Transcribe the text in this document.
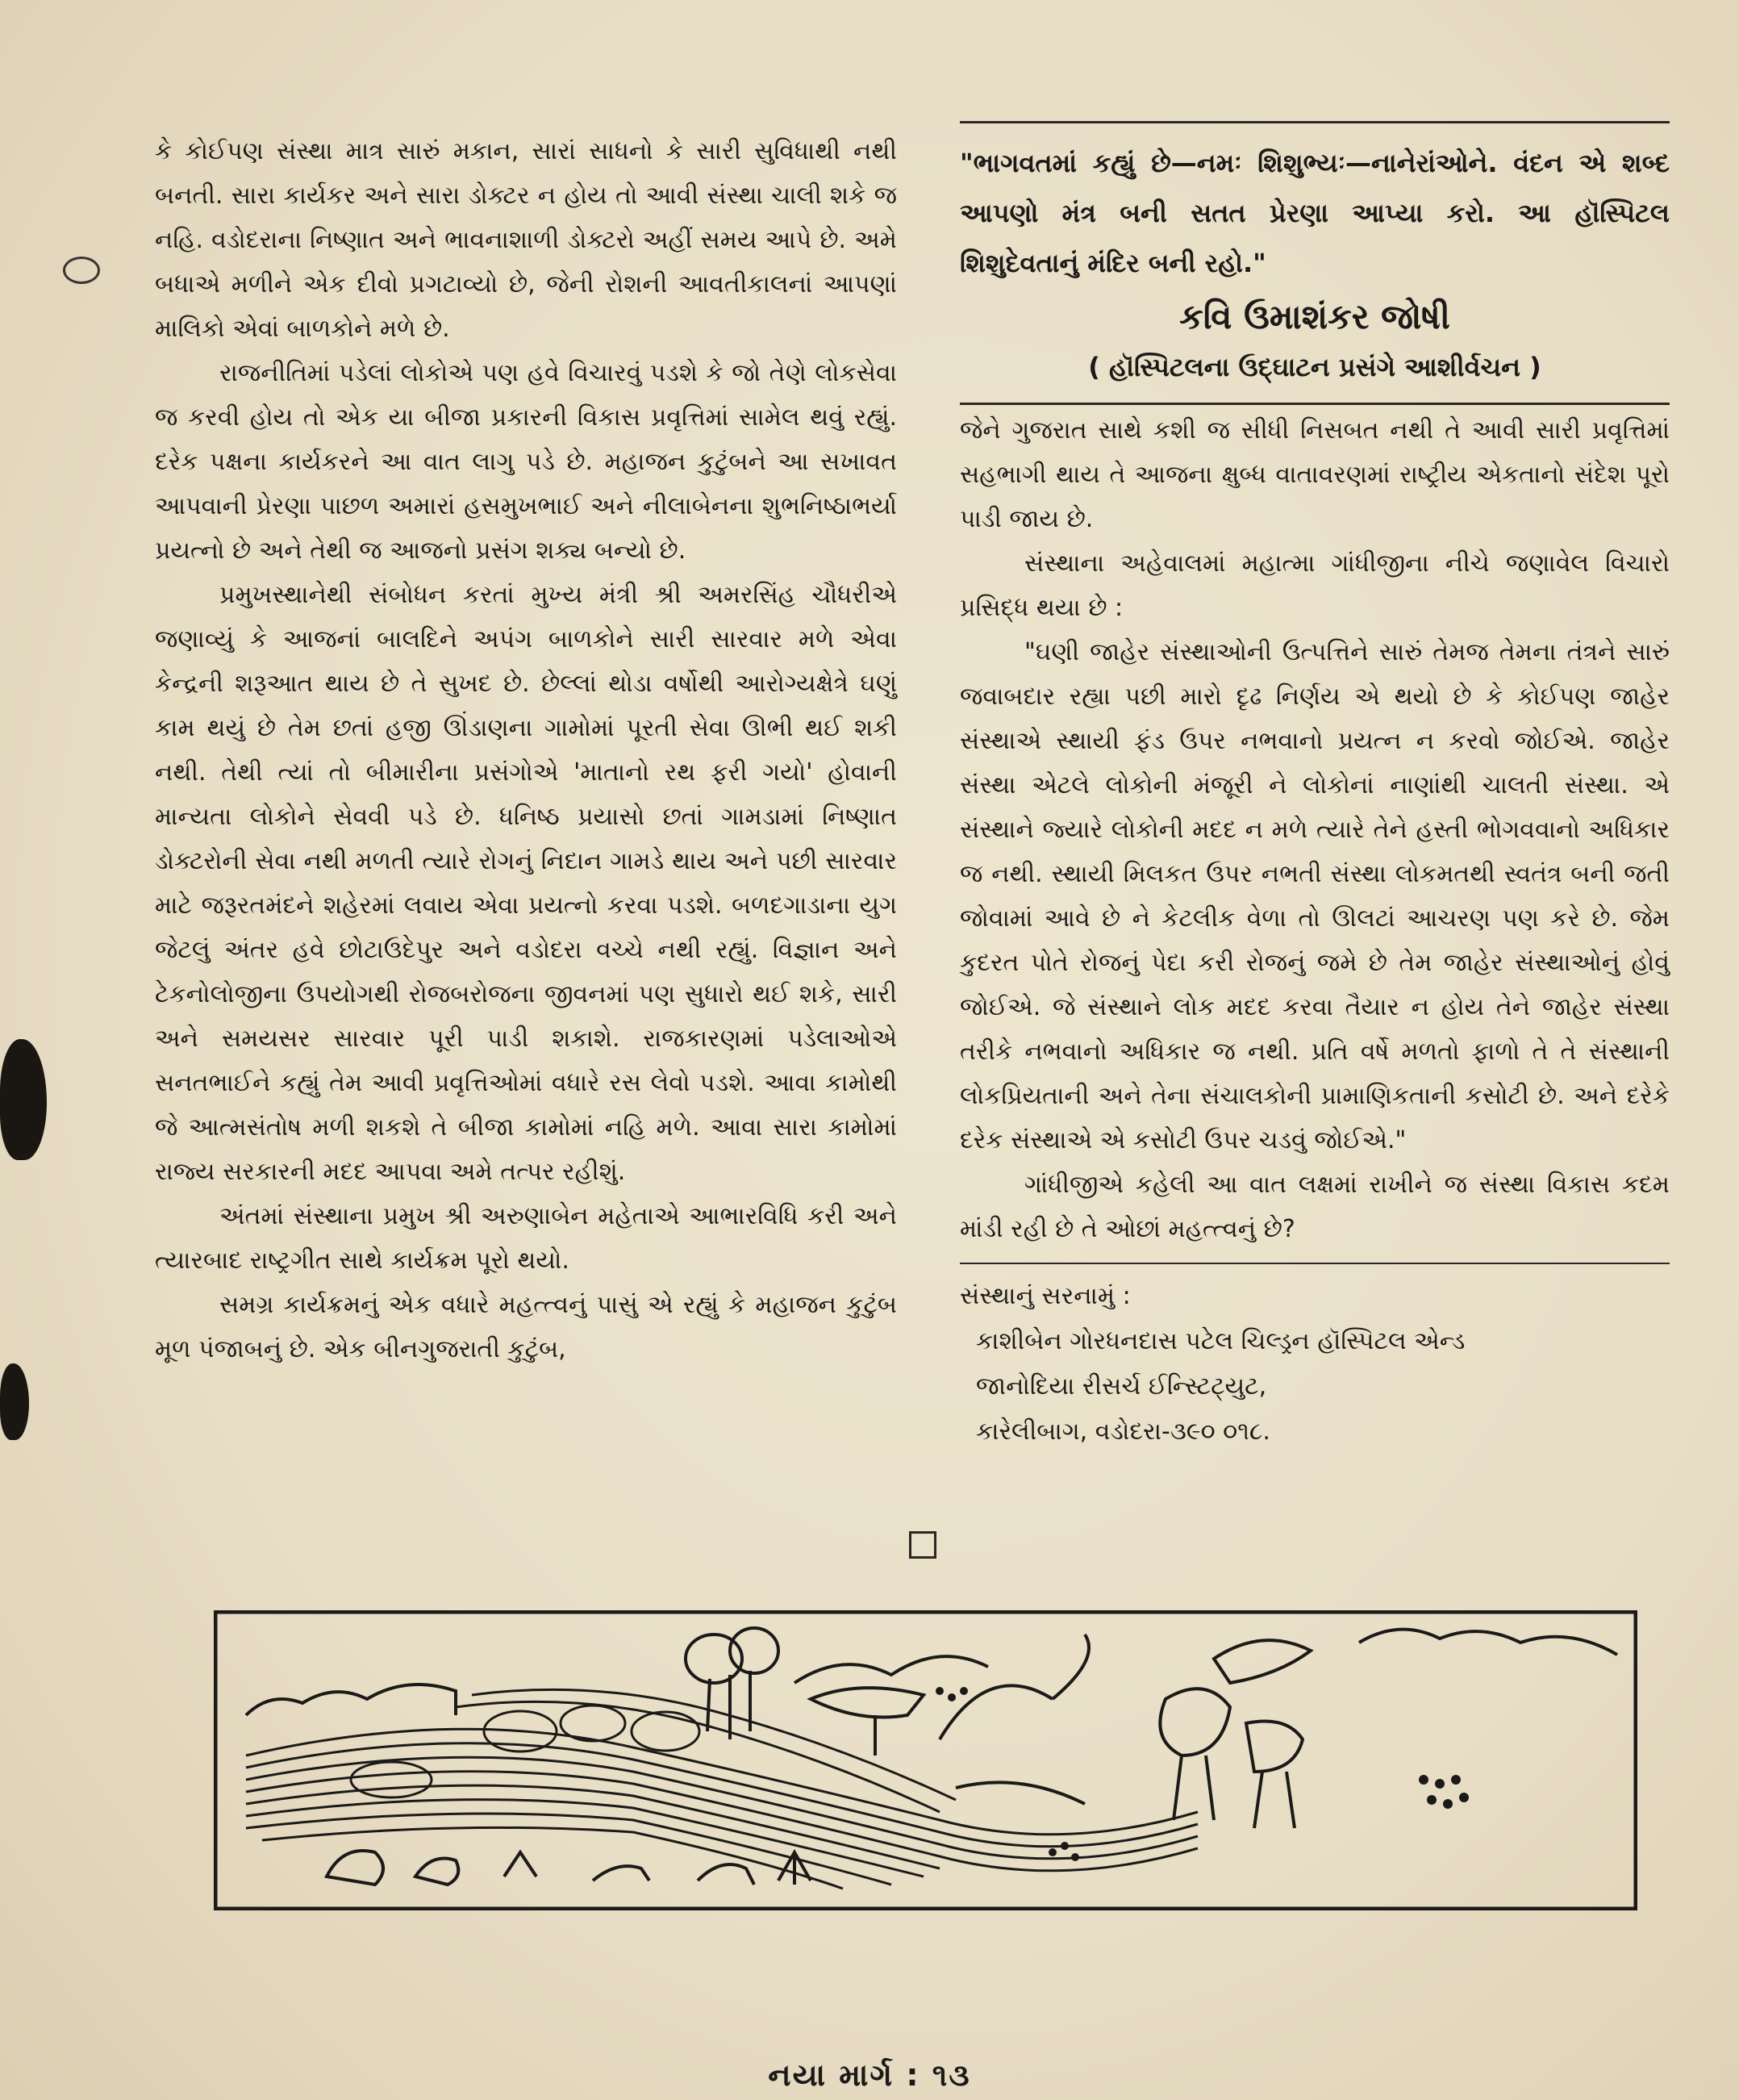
કે કોઈપણ સંસ્થા માત્ર સારું મકાન, સારાં સાધનો કે સારી સુવિધાથી નથી બનતી. સારા કાર્યકર અને સારા ડોક્ટર ન હોય તો આવી સંસ્થા ચાલી શકે જ નહિ. વડોદરાના નિષ્ણાત અને ભાવનાશાળી ડોક્ટરો અહીં સમય આપે છે. અમે બધાએ મળીને એક દીવો પ્રગટાવ્યો છે, જેની રોશની આવતીકાલનાં આપણાં માલિકો એવાં બાળકોને મળે છે.

રાજનીતિમાં પડેલાં લોકોએ પણ હવે વિચારવું પડશે કે જો તેણે લોકસેવા જ કરવી હોય તો એક યા બીજા પ્રકારની વિકાસ પ્રવૃત્તિમાં સામેલ થવું રહ્યું. દરેક પક્ષના કાર્યકરને આ વાત લાગુ પડે છે. મહાજન કુટુંબને આ સખાવત આપવાની પ્રેરણા પાછળ અમારાં હસમુખભાઈ અને નીલાબેનના શુભનિષ્ઠાભર્યા પ્રયત્નો છે અને તેથી જ આજનો પ્રસંગ શક્ય બન્યો છે.

પ્રમુખસ્થાનેથી સંબોધન કરતાં મુખ્ય મંત્રી શ્રી અમરસિંહ ચૌધરીએ જણાવ્યું કે આજનાં બાલદિને અપંગ બાળકોને સારી સારવાર મળે એવા કેન્દ્રની શરૂઆત થાય છે તે સુખદ છે. છેલ્લાં થોડા વર્ષોથી આરોગ્યક્ષેત્રે ઘણું કામ થયું છે તેમ છતાં હજી ઊંડાણના ગામોમાં પૂરતી સેવા ઊભી થઈ શકી નથી. તેથી ત્યાં તો બીમારીના પ્રસંગોએ 'માતાનો રથ ફરી ગયો' હોવાની માન્યતા લોકોને સેવવી પડે છે. ધનિષ્ઠ પ્રયાસો છતાં ગામડામાં નિષ્ણાત ડોક્ટરોની સેવા નથી મળતી ત્યારે રોગનું નિદાન ગામડે થાય અને પછી સારવાર માટે જરૂરતમંદને શહેરમાં લવાય એવા પ્રયત્નો કરવા પડશે. બળદગાડાના યુગ જેટલું અંતર હવે છોટાઉદેપુર અને વડોદરા વચ્ચે નથી રહ્યું. વિજ્ઞાન અને ટેકનોલોજીના ઉપયોગથી રોજબરોજના જીવનમાં પણ સુધારો થઈ શકે, સારી અને સમયસર સારવાર પૂરી પાડી શકાશે. રાજકારણમાં પડેલાઓએ સનતભાઈને કહ્યું તેમ આવી પ્રવૃત્તિઓમાં વધારે રસ લેવો પડશે. આવા કામોથી જે આત્મસંતોષ મળી શકશે તે બીજા કામોમાં નહિ મળે. આવા સારા કામોમાં રાજ્ય સરકારની મદદ આપવા અમે તત્પર રહીશું.

અંતમાં સંસ્થાના પ્રમુખ શ્રી અરુણાબેન મહેતાએ આભારવિધિ કરી અને ત્યારબાદ રાષ્ટ્રગીત સાથે કાર્યક્રમ પૂરો થયો.

સમગ્ર કાર્યક્રમનું એક વધારે મહત્ત્વનું પાસું એ રહ્યું કે મહાજન કુટુંબ મૂળ પંજાબનું છે. એક બીનગુજરાતી કુટુંબ,

"ભાગવતમાં કહ્યું છે—નમઃ શિશુભ્યઃ—નાનેરાંઓને. વંદન એ શબ્દ આપણો મંત્ર બની સતત પ્રેરણા આપ્યા કરો. આ હૉસ્પિટલ શિશુદેવતાનું મંદિર બની રહો."
કવિ ઉમાશંકર જોષી
( હૉસ્પિટલના ઉદ્ઘાટન પ્રસંગે આશીર્વચન )

જેને ગુજરાત સાથે કશી જ સીધી નિસબત નથી તે આવી સારી પ્રવૃત્તિમાં સહભાગી થાય તે આજના ક્ષુબ્ધ વાતાવરણમાં રાષ્ટ્રીય એકતાનો સંદેશ પૂરો પાડી જાય છે.

સંસ્થાના અહેવાલમાં મહાત્મા ગાંધીજીના નીચે જણાવેલ વિચારો પ્રસિદ્ધ થયા છે :

"ઘણી જાહેર સંસ્થાઓની ઉત્પત્તિને સારું તેમજ તેમના તંત્રને સારું જવાબદાર રહ્યા પછી મારો દૃઢ નિર્ણય એ થયો છે કે કોઈપણ જાહેર સંસ્થાએ સ્થાયી ફંડ ઉપર નભવાનો પ્રયત્ન ન કરવો જોઈએ. જાહેર સંસ્થા એટલે લોકોની મંજૂરી ને લોકોનાં નાણાંથી ચાલતી સંસ્થા. એ સંસ્થાને જ્યારે લોકોની મદદ ન મળે ત્યારે તેને હસ્તી ભોગવવાનો અધિકાર જ નથી. સ્થાયી મિલકત ઉપર નભતી સંસ્થા લોકમતથી સ્વતંત્ર બની જતી જોવામાં આવે છે ને કેટલીક વેળા તો ઊલટાં આચરણ પણ કરે છે. જેમ કુદરત પોતે રોજનું પેદા કરી રોજનું જમે છે તેમ જાહેર સંસ્થાઓનું હોવું જોઈએ. જે સંસ્થાને લોક મદદ કરવા તૈયાર ન હોય તેને જાહેર સંસ્થા તરીકે નભવાનો અધિકાર જ નથી. પ્રતિ વર્ષે મળતો ફાળો તે તે સંસ્થાની લોકપ્રિયતાની અને તેના સંચાલકોની પ્રામાણિકતાની કસોટી છે. અને દરેકે દરેક સંસ્થાએ એ કસોટી ઉપર ચડવું જોઈએ."

ગાંધીજીએ કહેલી આ વાત લક્ષમાં રાખીને જ સંસ્થા વિકાસ કદમ માંડી રહી છે તે ઓછાં મહત્ત્વનું છે?

સંસ્થાનું સરનામું :
કાશીબેન ગોરધનદાસ પટેલ ચિલ્ડ્રન હૉસ્પિટલ એન્ડ
જાનોદિયા રીસર્ચ ઈન્સ્ટિટ્યુટ,
કારેલીબાગ, વડોદરા-૩૯૦ ૦૧૮.
નયા માર્ગ : ૧૩
